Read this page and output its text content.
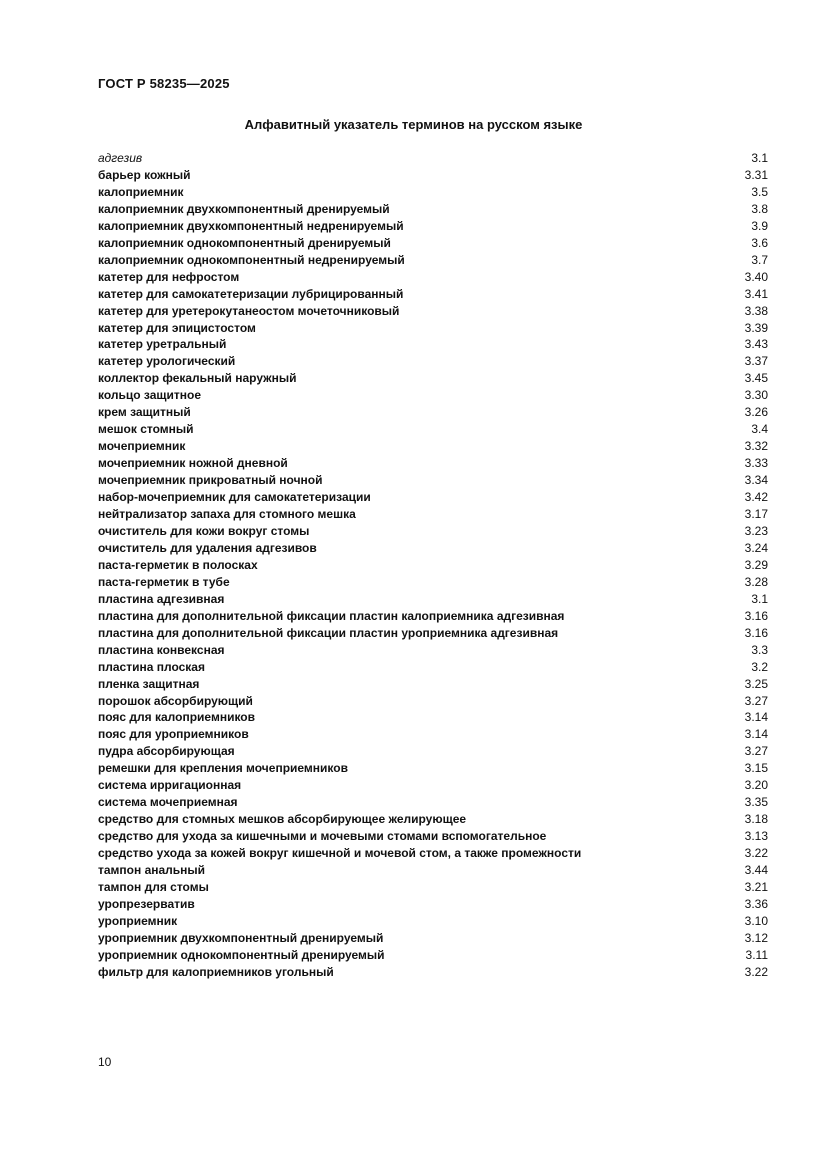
ГОСТ Р 58235—2025
Алфавитный указатель терминов на русском языке
адгезив	3.1
барьер кожный	3.31
калоприемник	3.5
калоприемник двухкомпонентный дренируемый	3.8
калоприемник двухкомпонентный недренируемый	3.9
калоприемник однокомпонентный дренируемый	3.6
калоприемник однокомпонентный недренируемый	3.7
катетер для нефростом	3.40
катетер для самокатетеризации лубрицированный	3.41
катетер для уретерокутанеостом мочеточниковый	3.38
катетер для эпицистостом	3.39
катетер уретральный	3.43
катетер урологический	3.37
коллектор фекальный наружный	3.45
кольцо защитное	3.30
крем защитный	3.26
мешок стомный	3.4
мочеприемник	3.32
мочеприемник ножной дневной	3.33
мочеприемник прикроватный ночной	3.34
набор-мочеприемник для самокатетеризации	3.42
нейтрализатор запаха для стомного мешка	3.17
очиститель для кожи вокруг стомы	3.23
очиститель для удаления адгезивов	3.24
паста-герметик в полосках	3.29
паста-герметик в тубе	3.28
пластина адгезивная	3.1
пластина для дополнительной фиксации пластин калоприемника адгезивная	3.16
пластина для дополнительной фиксации пластин уроприемника адгезивная	3.16
пластина конвексная	3.3
пластина плоская	3.2
пленка защитная	3.25
порошок абсорбирующий	3.27
пояс для калоприемников	3.14
пояс для уроприемников	3.14
пудра абсорбирующая	3.27
ремешки для крепления мочеприемников	3.15
система ирригационная	3.20
система мочеприемная	3.35
средство для стомных мешков абсорбирующее желирующее	3.18
средство для ухода за кишечными и мочевыми стомами вспомогательное	3.13
средство ухода за кожей вокруг кишечной и мочевой стом, а также промежности	3.22
тампон анальный	3.44
тампон для стомы	3.21
уропрезерватив	3.36
уроприемник	3.10
уроприемник двухкомпонентный дренируемый	3.12
уроприемник однокомпонентный дренируемый	3.11
фильтр для калоприемников угольный	3.22
10
